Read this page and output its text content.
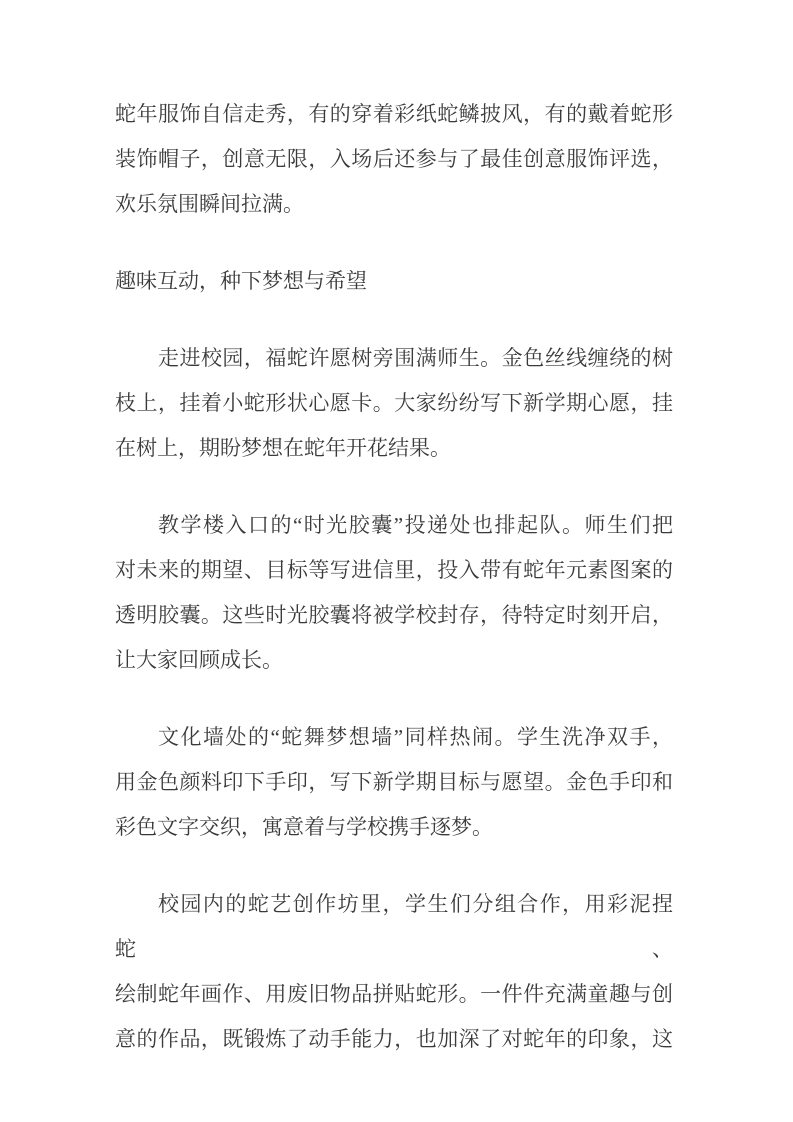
蛇年服饰自信走秀，有的穿着彩纸蛇鳞披风，有的戴着蛇形
装饰帽子，创意无限，入场后还参与了最佳创意服饰评选，
欢乐氛围瞬间拉满。
趣味互动，种下梦想与希望
走进校园，福蛇许愿树旁围满师生。金色丝线缠绕的树
枝上，挂着小蛇形状心愿卡。大家纷纷写下新学期心愿，挂
在树上，期盼梦想在蛇年开花结果。
教学楼入口的“时光胶囊”投递处也排起队。师生们把
对未来的期望、目标等写进信里，投入带有蛇年元素图案的
透明胶囊。这些时光胶囊将被学校封存，待特定时刻开启，
让大家回顾成长。
文化墙处的“蛇舞梦想墙”同样热闹。学生洗净双手，
用金色颜料印下手印，写下新学期目标与愿望。金色手印和
彩色文字交织，寓意着与学校携手逐梦。
校园内的蛇艺创作坊里，学生们分组合作，用彩泥捏蛇、
绘制蛇年画作、用废旧物品拼贴蛇形。一件件充满童趣与创
意的作品，既锻炼了动手能力，也加深了对蛇年的印象，这
